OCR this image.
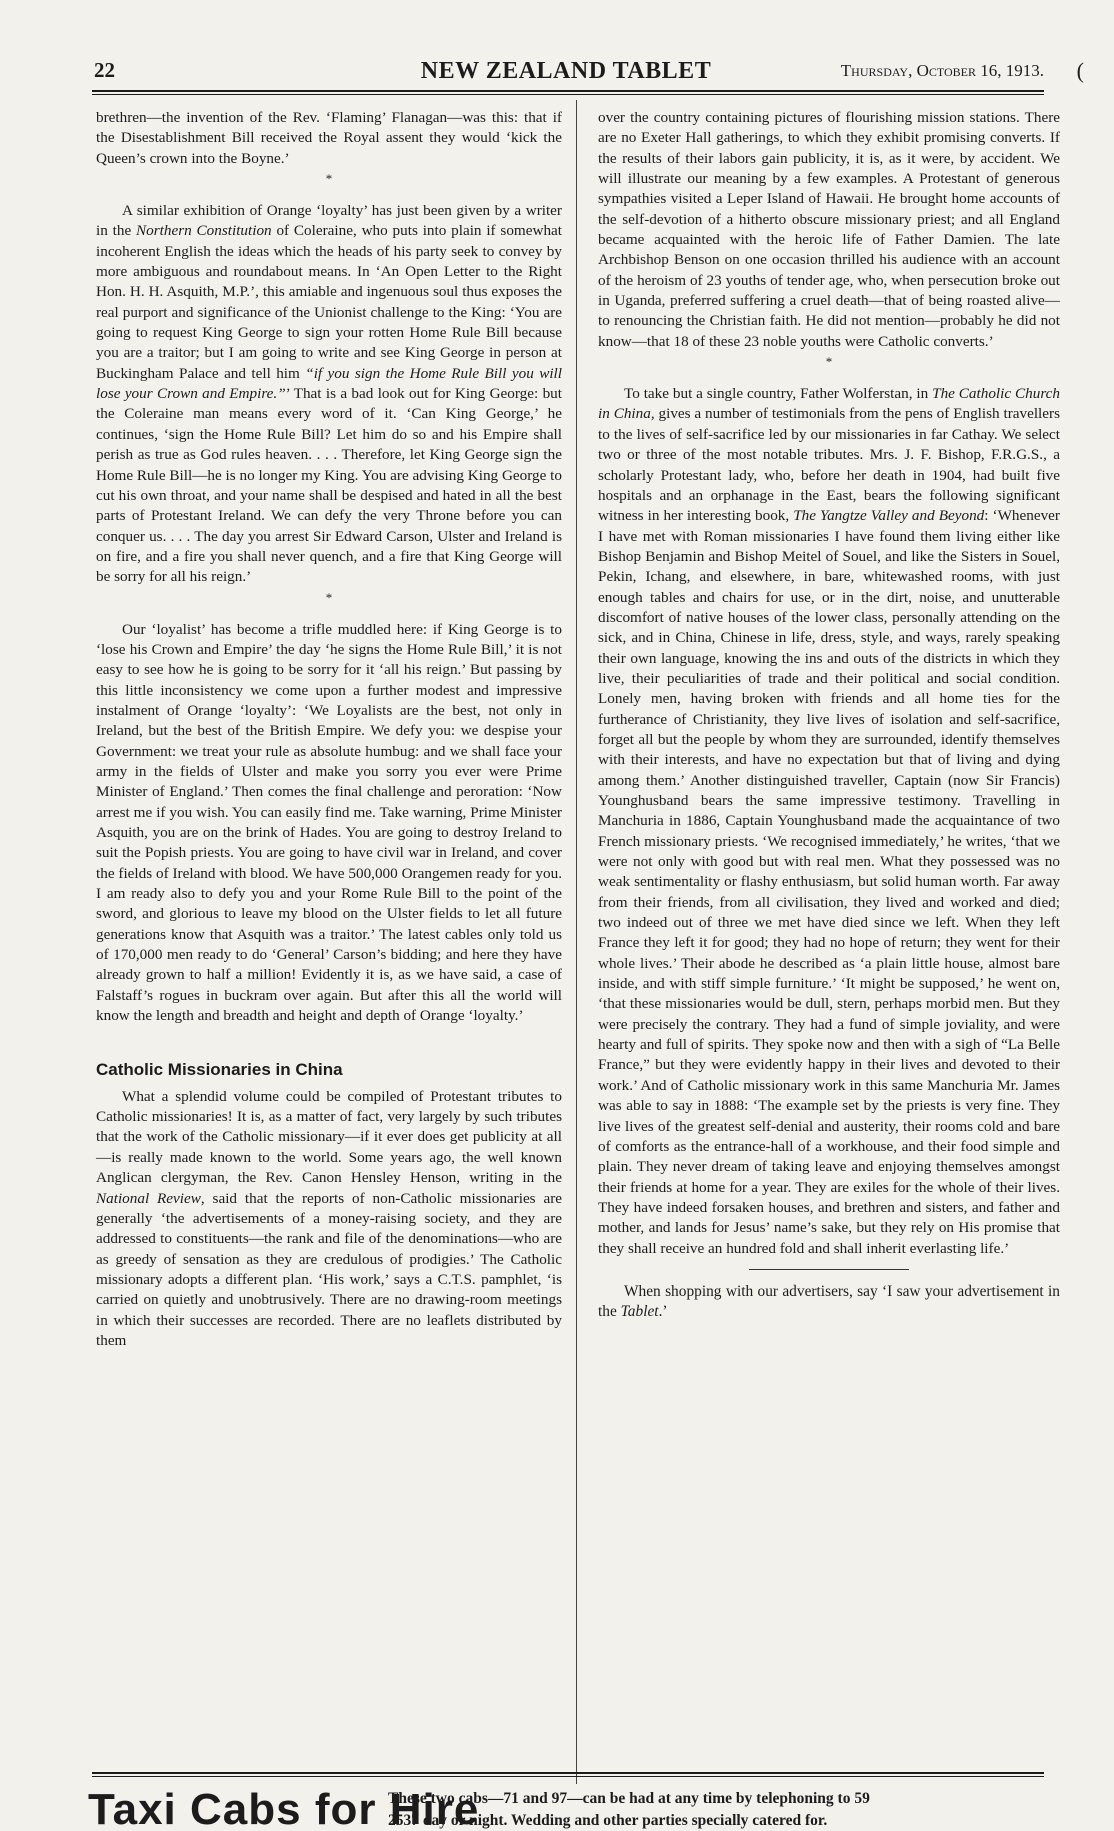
22	NEW ZEALAND TABLET	Thursday, October 16, 1913. (

brethren—the invention of the Rev. ‘Flaming’ Flanagan—was this: that if the Disestablishment Bill received the Royal assent they would ‘kick the Queen’s crown into the Boyne.’

*

A similar exhibition of Orange ‘loyalty’ has just been given by a writer in the Northern Constitution of Coleraine, who puts into plain if somewhat incoherent English the ideas which the heads of his party seek to convey by more ambiguous and roundabout means. In ‘An Open Letter to the Right Hon. H. H. Asquith, M.P.’, this amiable and ingenuous soul thus exposes the real purport and significance of the Unionist challenge to the King: ‘You are going to request King George to sign your rotten Home Rule Bill because you are a traitor; but I am going to write and see King George in person at Buckingham Palace and tell him “if you sign the Home Rule Bill you will lose your Crown and Empire.”’ That is a bad look out for King George: but the Coleraine man means every word of it. ‘Can King George,’ he continues, ‘sign the Home Rule Bill? Let him do so and his Empire shall perish as true as God rules heaven. . . . Therefore, let King George sign the Home Rule Bill—he is no longer my King. You are advising King George to cut his own throat, and your name shall be despised and hated in all the best parts of Protestant Ireland. We can defy the very Throne before you can conquer us. . . . The day you arrest Sir Edward Carson, Ulster and Ireland is on fire, and a fire you shall never quench, and a fire that King George will be sorry for all his reign.’

*

Our ‘loyalist’ has become a trifle muddled here: if King George is to ‘lose his Crown and Empire’ the day ‘he signs the Home Rule Bill,’ it is not easy to see how he is going to be sorry for it ‘all his reign.’ But passing by this little inconsistency we come upon a further modest and impressive instalment of Orange ‘loyalty’: ‘We Loyalists are the best, not only in Ireland, but the best of the British Empire. We defy you: we despise your Government: we treat your rule as absolute humbug: and we shall face your army in the fields of Ulster and make you sorry you ever were Prime Minister of England.’ Then comes the final challenge and peroration: ‘Now arrest me if you wish. You can easily find me. Take warning, Prime Minister Asquith, you are on the brink of Hades. You are going to destroy Ireland to suit the Popish priests. You are going to have civil war in Ireland, and cover the fields of Ireland with blood. We have 500,000 Orangemen ready for you. I am ready also to defy you and your Rome Rule Bill to the point of the sword, and glorious to leave my blood on the Ulster fields to let all future generations know that Asquith was a traitor.’ The latest cables only told us of 170,000 men ready to do ‘General’ Carson’s bidding; and here they have already grown to half a million! Evidently it is, as we have said, a case of Falstaff’s rogues in buckram over again. But after this all the world will know the length and breadth and height and depth of Orange ‘loyalty.’

Catholic Missionaries in China

What a splendid volume could be compiled of Protestant tributes to Catholic missionaries! It is, as a matter of fact, very largely by such tributes that the work of the Catholic missionary—if it ever does get publicity at all—is really made known to the world. Some years ago, the well known Anglican clergyman, the Rev. Canon Hensley Henson, writing in the National Review, said that the reports of non-Catholic missionaries are generally ‘the advertisements of a money-raising society, and they are addressed to constituents—the rank and file of the denominations—who are as greedy of sensation as they are credulous of prodigies.’ The Catholic missionary adopts a different plan. ‘His work,’ says a C.T.S. pamphlet, ‘is carried on quietly and unobtrusively. There are no drawing-room meetings in which their successes are recorded. There are no leaflets distributed by them

over the country containing pictures of flourishing mission stations. There are no Exeter Hall gatherings, to which they exhibit promising converts. If the results of their labors gain publicity, it is, as it were, by accident. We will illustrate our meaning by a few examples. A Protestant of generous sympathies visited a Leper Island of Hawaii. He brought home accounts of the self-devotion of a hitherto obscure missionary priest; and all England became acquainted with the heroic life of Father Damien. The late Archbishop Benson on one occasion thrilled his audience with an account of the heroism of 23 youths of tender age, who, when persecution broke out in Uganda, preferred suffering a cruel death—that of being roasted alive—to renouncing the Christian faith. He did not mention—probably he did not know—that 18 of these 23 noble youths were Catholic converts.’

*

To take but a single country, Father Wolferstan, in The Catholic Church in China, gives a number of testimonials from the pens of English travellers to the lives of self-sacrifice led by our missionaries in far Cathay. We select two or three of the most notable tributes. Mrs. J. F. Bishop, F.R.G.S., a scholarly Protestant lady, who, before her death in 1904, had built five hospitals and an orphanage in the East, bears the following significant witness in her interesting book, The Yangtze Valley and Beyond: ‘Whenever I have met with Roman missionaries I have found them living either like Bishop Benjamin and Bishop Meitel of Souel, and like the Sisters in Souel, Pekin, Ichang, and elsewhere, in bare, whitewashed rooms, with just enough tables and chairs for use, or in the dirt, noise, and unutterable discomfort of native houses of the lower class, personally attending on the sick, and in China, Chinese in life, dress, style, and ways, rarely speaking their own language, knowing the ins and outs of the districts in which they live, their peculiarities of trade and their political and social condition. Lonely men, having broken with friends and all home ties for the furtherance of Christianity, they live lives of isolation and self-sacrifice, forget all but the people by whom they are surrounded, identify themselves with their interests, and have no expectation but that of living and dying among them.’ Another distinguished traveller, Captain (now Sir Francis) Younghusband bears the same impressive testimony. Travelling in Manchuria in 1886, Captain Younghusband made the acquaintance of two French missionary priests. ‘We recognised immediately,’ he writes, ‘that we were not only with good but with real men. What they possessed was no weak sentimentality or flashy enthusiasm, but solid human worth. Far away from their friends, from all civilisation, they lived and worked and died; two indeed out of three we met have died since we left. When they left France they left it for good; they had no hope of return; they went for their whole lives.’ Their abode he described as ‘a plain little house, almost bare inside, and with stiff simple furniture.’ ‘It might be supposed,’ he went on, ‘that these missionaries would be dull, stern, perhaps morbid men. But they were precisely the contrary. They had a fund of simple joviality, and were hearty and full of spirits. They spoke now and then with a sigh of “La Belle France,” but they were evidently happy in their lives and devoted to their work.’ And of Catholic missionary work in this same Manchuria Mr. James was able to say in 1888: ‘The example set by the priests is very fine. They live lives of the greatest self-denial and austerity, their rooms cold and bare of comforts as the entrance-hall of a workhouse, and their food simple and plain. They never dream of taking leave and enjoying themselves amongst their friends at home for a year. They are exiles for the whole of their lives. They have indeed forsaken houses, and brethren and sisters, and father and mother, and lands for Jesus’ name’s sake, but they rely on His promise that they shall receive an hundred fold and shall inherit everlasting life.’

When shopping with our advertisers, say ‘I saw your advertisement in the Tablet.’

Taxi Cabs for Hire
These two cabs—71 and 97—can be had at any time by telephoning to 59
2537 day or night. Wedding and other parties specially catered for.
